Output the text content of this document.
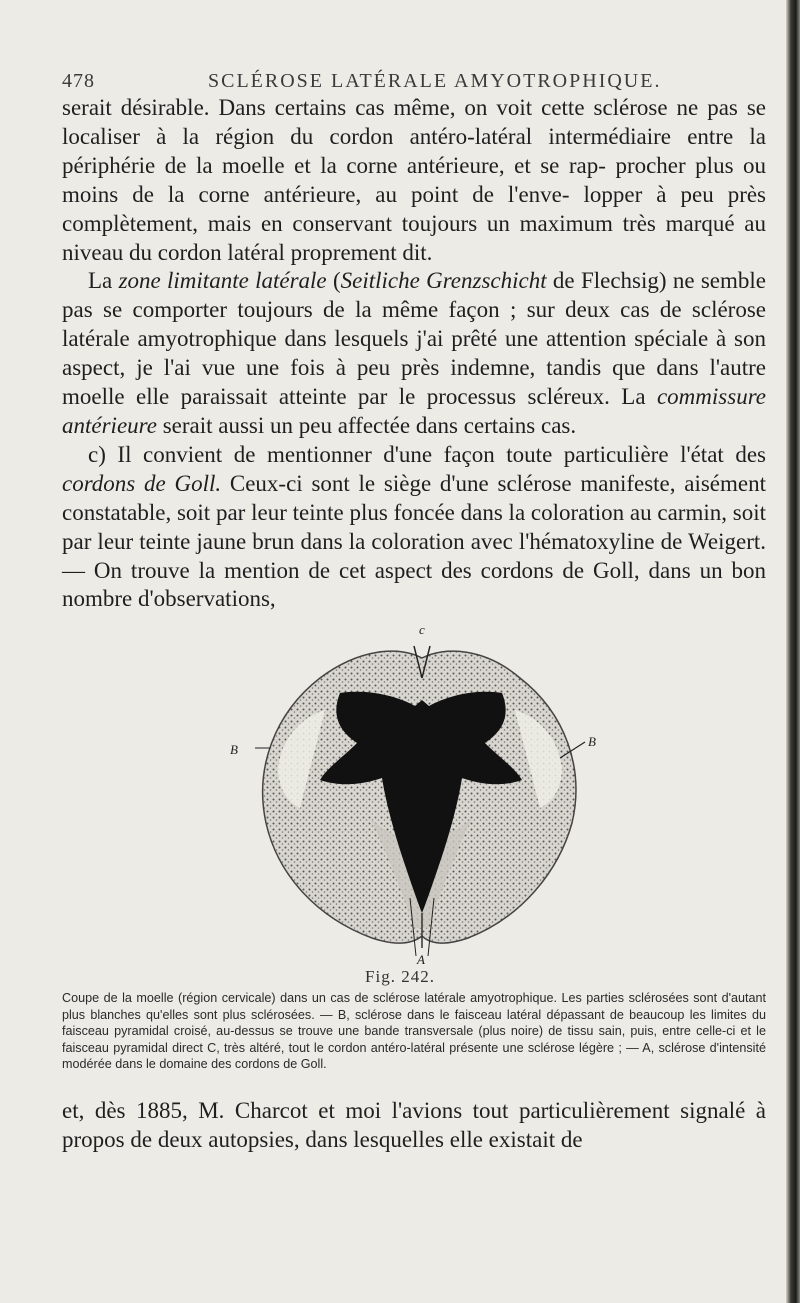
478	SCLÉROSE LATÉRALE AMYOTROPHIQUE.

serait désirable. Dans certains cas même, on voit cette sclérose ne pas se localiser à la région du cordon antéro-latéral intermédiaire entre la périphérie de la moelle et la corne antérieure, et se rap- procher plus ou moins de la corne antérieure, au point de l'enve- lopper à peu près complètement, mais en conservant toujours un maximum très marqué au niveau du cordon latéral proprement dit.

La zone limitante latérale (Seitliche Grenzschicht de Flechsig) ne semble pas se comporter toujours de la même façon ; sur deux cas de sclérose latérale amyotrophique dans lesquels j'ai prêté une attention spéciale à son aspect, je l'ai vue une fois à peu près indemne, tandis que dans l'autre moelle elle paraissait atteinte par le processus scléreux. La commissure antérieure serait aussi un peu affectée dans certains cas.

c) Il convient de mentionner d'une façon toute particulière l'état des cordons de Goll. Ceux-ci sont le siège d'une sclérose manifeste, aisément constatable, soit par leur teinte plus foncée dans la coloration au carmin, soit par leur teinte jaune brun dans la coloration avec l'hématoxyline de Weigert. — On trouve la mention de cet aspect des cordons de Goll, dans un bon nombre d'observations,

c
B
B
A
Fig. 242.

Coupe de la moelle (région cervicale) dans un cas de sclérose latérale amyotrophique. Les parties sclérosées sont d'autant plus blanches qu'elles sont plus sclérosées. — B, sclérose dans le faisceau latéral dépassant de beaucoup les limites du faisceau pyramidal croisé, au-dessus se trouve une bande transversale (plus noire) de tissu sain, puis, entre celle-ci et le faisceau pyramidal direct C, très altéré, tout le cordon antéro-latéral présente une sclérose légère ; — A, sclérose d'intensité modérée dans le domaine des cordons de Goll.

et, dès 1885, M. Charcot et moi l'avions tout particulièrement signalé à propos de deux autopsies, dans lesquelles elle existait de
